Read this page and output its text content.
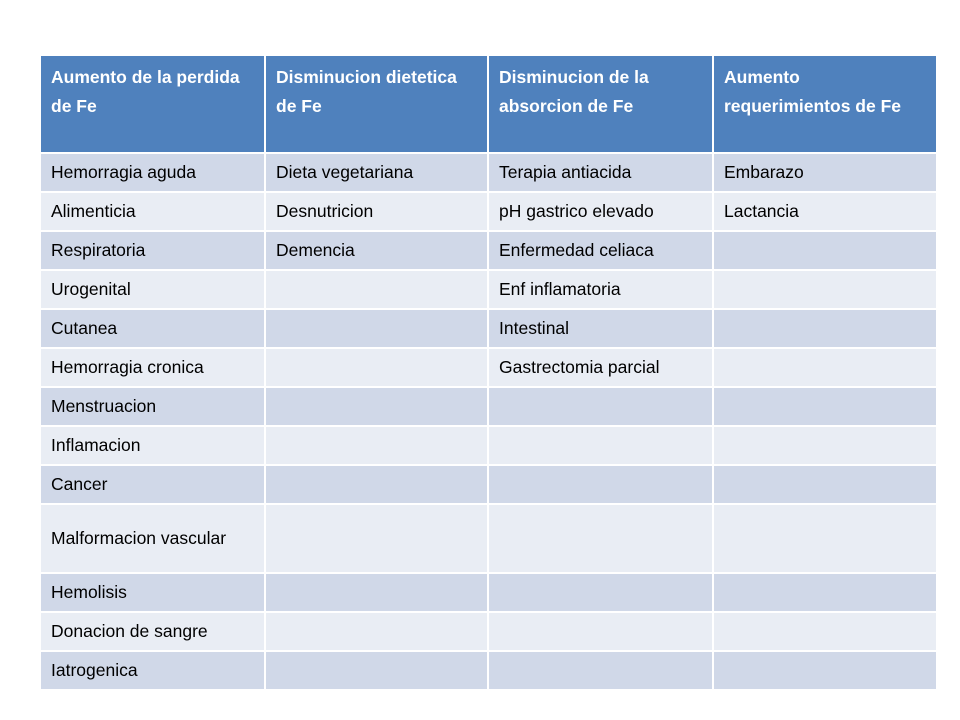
Aumento de la perdida de Fe	Disminucion dietetica de Fe	Disminucion de la absorcion de Fe	Aumento requerimientos de Fe
Hemorragia aguda	Dieta vegetariana	Terapia antiacida	Embarazo
Alimenticia	Desnutricion	pH gastrico elevado	Lactancia
Respiratoria	Demencia	Enfermedad celiaca	
Urogenital		Enf inflamatoria	
Cutanea		Intestinal	
Hemorragia cronica		Gastrectomia parcial	
Menstruacion			
Inflamacion			
Cancer			
Malformacion vascular			
Hemolisis			
Donacion de sangre			
Iatrogenica			
